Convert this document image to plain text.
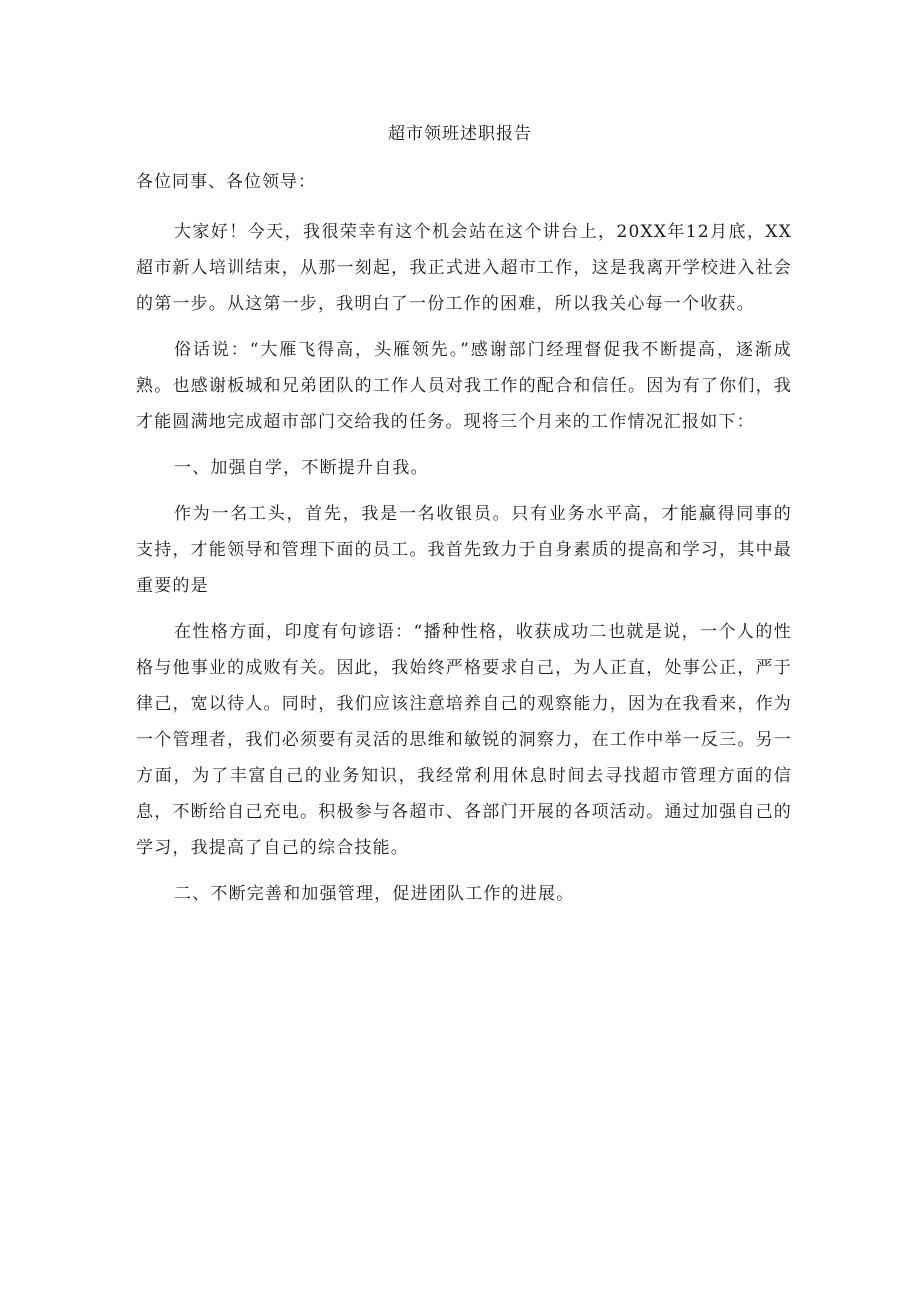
超市领班述职报告
各位同事、各位领导：

大家好！今天，我很荣幸有这个机会站在这个讲台上，20XX年12月底，XX超市新人培训结束，从那一刻起，我正式进入超市工作，这是我离开学校进入社会的第一步。从这第一步，我明白了一份工作的困难，所以我关心每一个收获。

俗话说：“大雁飞得高，头雁领先。”感谢部门经理督促我不断提高，逐渐成熟。也感谢板城和兄弟团队的工作人员对我工作的配合和信任。因为有了你们，我才能圆满地完成超市部门交给我的任务。现将三个月来的工作情况汇报如下：

一、加强自学，不断提升自我。

作为一名工头，首先，我是一名收银员。只有业务水平高，才能赢得同事的支持，才能领导和管理下面的员工。我首先致力于自身素质的提高和学习，其中最重要的是

在性格方面，印度有句谚语：“播种性格，收获成功二也就是说，一个人的性格与他事业的成败有关。因此，我始终严格要求自己，为人正直，处事公正，严于律己，宽以待人。同时，我们应该注意培养自己的观察能力，因为在我看来，作为一个管理者，我们必须要有灵活的思维和敏锐的洞察力，在工作中举一反三。另一方面，为了丰富自己的业务知识，我经常利用休息时间去寻找超市管理方面的信息，不断给自己充电。积极参与各超市、各部门开展的各项活动。通过加强自己的学习，我提高了自己的综合技能。

二、不断完善和加强管理，促进团队工作的进展。
